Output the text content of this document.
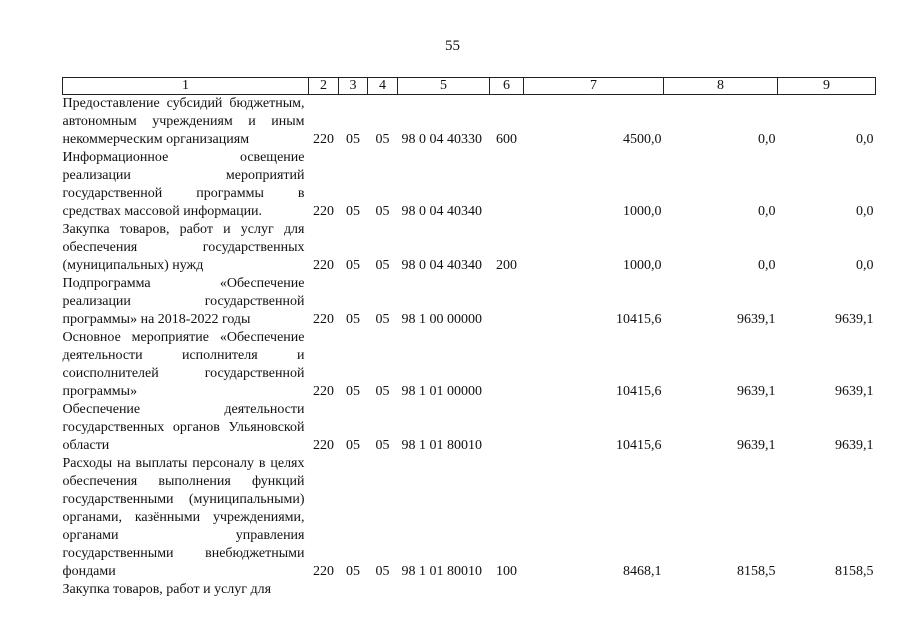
55
1	2	3	4	5	6	7	8	9
Предоставление субсидий бюджетным, автономным учреждениям и иным некоммерческим организациям	220	05	05	98 0 04 40330	600	4500,0	0,0	0,0
Информационное освещение реализации мероприятий государственной программы в средствах массовой информации.	220	05	05	98 0 04 40340		1000,0	0,0	0,0
Закупка товаров, работ и услуг для обеспечения государственных (муниципальных) нужд	220	05	05	98 0 04 40340	200	1000,0	0,0	0,0
Подпрограмма «Обеспечение реализации государственной программы» на 2018-2022 годы	220	05	05	98 1 00 00000		10415,6	9639,1	9639,1
Основное мероприятие «Обеспечение деятельности исполнителя и соисполнителей государственной программы»	220	05	05	98 1 01 00000		10415,6	9639,1	9639,1
Обеспечение деятельности государственных органов Ульяновской области	220	05	05	98 1 01 80010		10415,6	9639,1	9639,1
Расходы на выплаты персоналу в целях обеспечения выполнения функций государственными (муниципальными) органами, казёнными учреждениями, органами управления государственными внебюджетными фондами	220	05	05	98 1 01 80010	100	8468,1	8158,5	8158,5
Закупка товаров, работ и услуг для								
